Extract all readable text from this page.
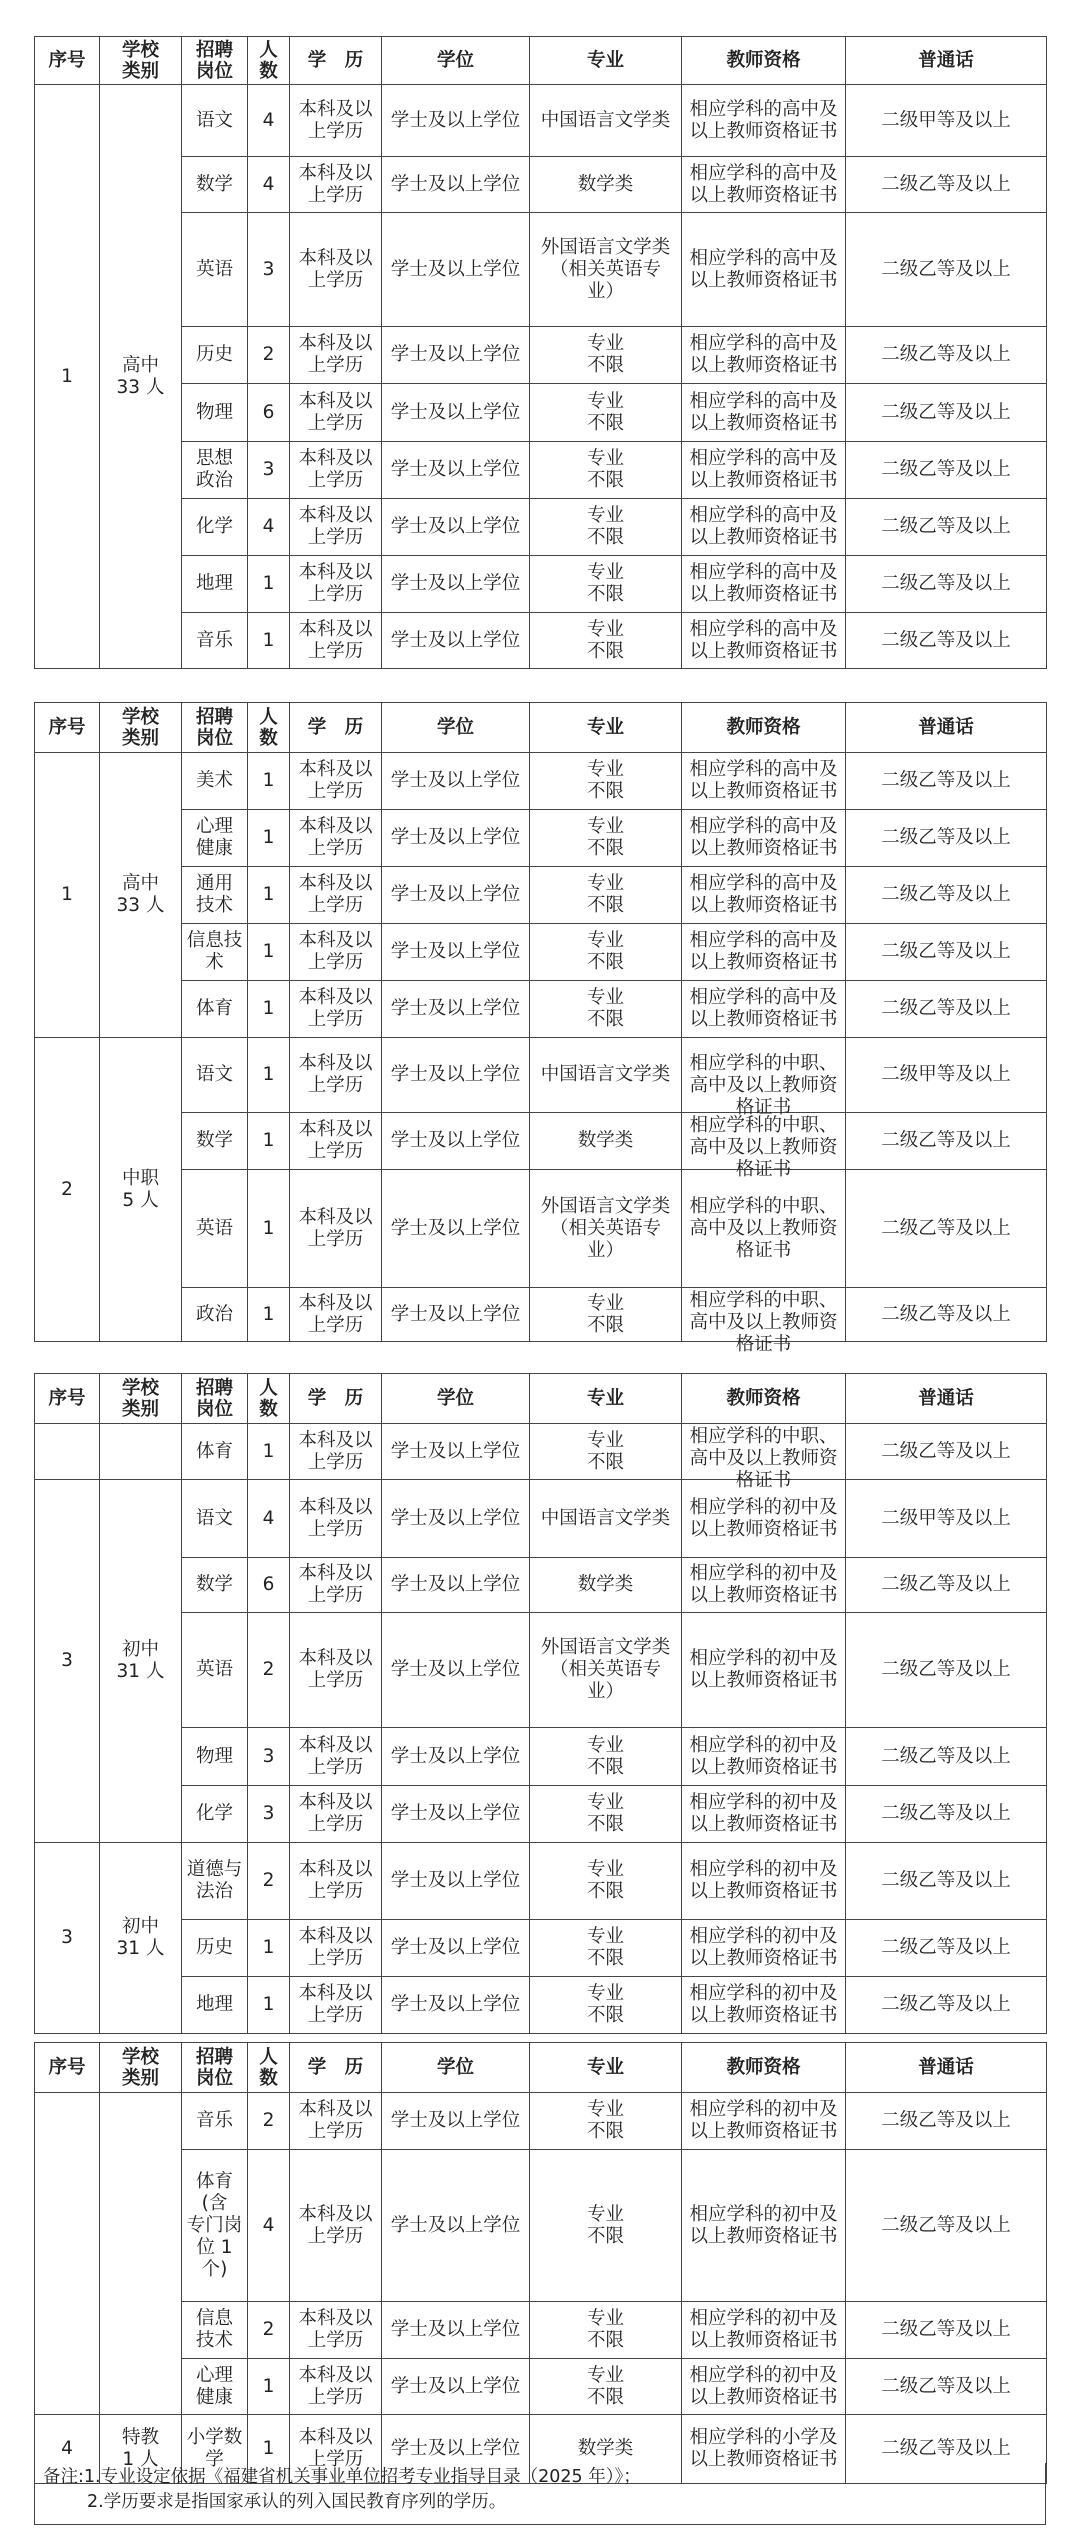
序号	学校
类别	招聘
岗位	人数	学　历	学位	专业	教师资格	普通话
1	高中
33 人	语文	4	本科及以
上学历	学士及以上学位	中国语言文学类	相应学科的高中及
以上教师资格证书	二级甲等及以上
		数学	4	本科及以
上学历	学士及以上学位	数学类	相应学科的高中及
以上教师资格证书	二级乙等及以上
		英语	3	本科及以
上学历	学士及以上学位	外国语言文学类
（相关英语专
业）	相应学科的高中及
以上教师资格证书	二级乙等及以上
		历史	2	本科及以
上学历	学士及以上学位	专业
不限	相应学科的高中及
以上教师资格证书	二级乙等及以上
		物理	6	本科及以
上学历	学士及以上学位	专业
不限	相应学科的高中及
以上教师资格证书	二级乙等及以上
		思想
政治	3	本科及以
上学历	学士及以上学位	专业
不限	相应学科的高中及
以上教师资格证书	二级乙等及以上
		化学	4	本科及以
上学历	学士及以上学位	专业
不限	相应学科的高中及
以上教师资格证书	二级乙等及以上
		地理	1	本科及以
上学历	学士及以上学位	专业
不限	相应学科的高中及
以上教师资格证书	二级乙等及以上
		音乐	1	本科及以
上学历	学士及以上学位	专业
不限	相应学科的高中及
以上教师资格证书	二级乙等及以上
序号	学校
类别	招聘
岗位	人数	学　历	学位	专业	教师资格	普通话
1	高中
33 人	美术	1	本科及以
上学历	学士及以上学位	专业
不限	相应学科的高中及
以上教师资格证书	二级乙等及以上
		心理
健康	1	本科及以
上学历	学士及以上学位	专业
不限	相应学科的高中及
以上教师资格证书	二级乙等及以上
		通用
技术	1	本科及以
上学历	学士及以上学位	专业
不限	相应学科的高中及
以上教师资格证书	二级乙等及以上
		信息技
术	1	本科及以
上学历	学士及以上学位	专业
不限	相应学科的高中及
以上教师资格证书	二级乙等及以上
		体育	1	本科及以
上学历	学士及以上学位	专业
不限	相应学科的高中及
以上教师资格证书	二级乙等及以上
2	中职
5 人	语文	1	本科及以
上学历	学士及以上学位	中国语言文学类	相应学科的中职、
高中及以上教师资
格证书	二级甲等及以上
		数学	1	本科及以
上学历	学士及以上学位	数学类	相应学科的中职、
高中及以上教师资
格证书	二级乙等及以上
		英语	1	本科及以
上学历	学士及以上学位	外国语言文学类
（相关英语专
业）	相应学科的中职、
高中及以上教师资
格证书	二级乙等及以上
		政治	1	本科及以
上学历	学士及以上学位	专业
不限	相应学科的中职、
高中及以上教师资
格证书	二级乙等及以上
序号	学校
类别	招聘
岗位	人数	学　历	学位	专业	教师资格	普通话
		体育	1	本科及以
上学历	学士及以上学位	专业
不限	相应学科的中职、
高中及以上教师资
格证书	二级乙等及以上
3	初中
31 人	语文	4	本科及以
上学历	学士及以上学位	中国语言文学类	相应学科的初中及
以上教师资格证书	二级甲等及以上
		数学	6	本科及以
上学历	学士及以上学位	数学类	相应学科的初中及
以上教师资格证书	二级乙等及以上
		英语	2	本科及以
上学历	学士及以上学位	外国语言文学类
（相关英语专
业）	相应学科的初中及
以上教师资格证书	二级乙等及以上
		物理	3	本科及以
上学历	学士及以上学位	专业
不限	相应学科的初中及
以上教师资格证书	二级乙等及以上
		化学	3	本科及以
上学历	学士及以上学位	专业
不限	相应学科的初中及
以上教师资格证书	二级乙等及以上
3	初中
31 人	道德与
法治	2	本科及以
上学历	学士及以上学位	专业
不限	相应学科的初中及
以上教师资格证书	二级乙等及以上
		历史	1	本科及以
上学历	学士及以上学位	专业
不限	相应学科的初中及
以上教师资格证书	二级乙等及以上
		地理	1	本科及以
上学历	学士及以上学位	专业
不限	相应学科的初中及
以上教师资格证书	二级乙等及以上
序号	学校
类别	招聘
岗位	人数	学　历	学位	专业	教师资格	普通话
		音乐	2	本科及以
上学历	学士及以上学位	专业
不限	相应学科的初中及
以上教师资格证书	二级乙等及以上
		体育(含
专门岗
位 1 个)	4	本科及以
上学历	学士及以上学位	专业
不限	相应学科的初中及
以上教师资格证书	二级乙等及以上
		信息
技术	2	本科及以
上学历	学士及以上学位	专业
不限	相应学科的初中及
以上教师资格证书	二级乙等及以上
		心理
健康	1	本科及以
上学历	学士及以上学位	专业
不限	相应学科的初中及
以上教师资格证书	二级乙等及以上
4	特教
1 人	小学数
学	1	本科及以
上学历	学士及以上学位	数学类	相应学科的小学及
以上教师资格证书	二级乙等及以上
备注:1.专业设定依据《福建省机关事业单位招考专业指导目录（2025 年）》；
2.学历要求是指国家承认的列入国民教育序列的学历。
